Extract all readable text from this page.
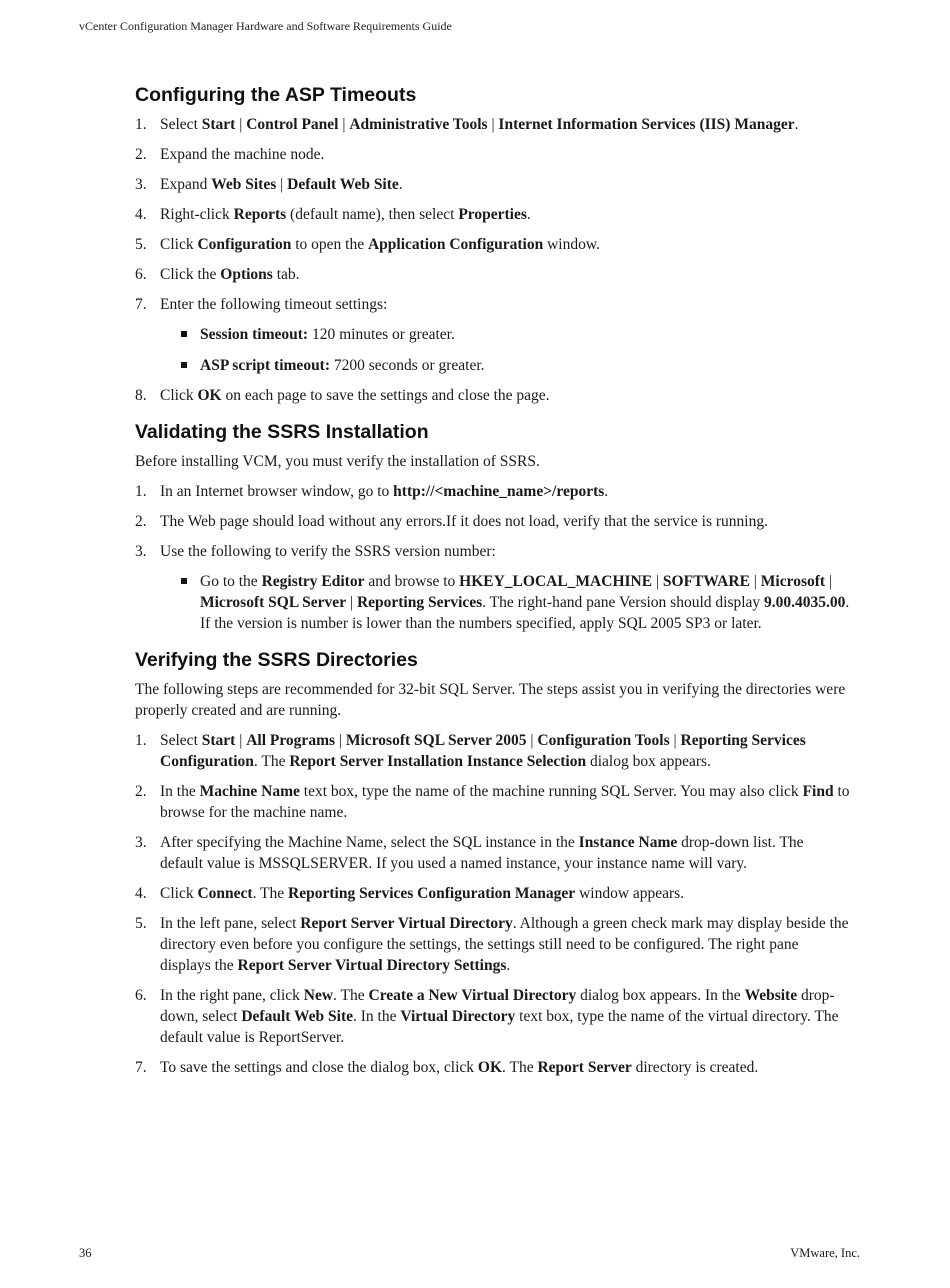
vCenter Configuration Manager Hardware and Software Requirements Guide
Configuring the ASP Timeouts
1. Select Start | Control Panel | Administrative Tools | Internet Information Services (IIS) Manager.
2. Expand the machine node.
3. Expand Web Sites | Default Web Site.
4. Right-click Reports (default name), then select Properties.
5. Click Configuration to open the Application Configuration window.
6. Click the Options tab.
7. Enter the following timeout settings:
Session timeout: 120 minutes or greater.
ASP script timeout: 7200 seconds or greater.
8. Click OK on each page to save the settings and close the page.
Validating the SSRS Installation

Before installing VCM, you must verify the installation of SSRS.

1. In an Internet browser window, go to http://<machine_name>/reports.
2. The Web page should load without any errors.If it does not load, verify that the service is running.
3. Use the following to verify the SSRS version number:
Go to the Registry Editor and browse to HKEY_LOCAL_MACHINE | SOFTWARE | Microsoft | Microsoft SQL Server | Reporting Services. The right-hand pane Version should display 9.00.4035.00. If the version is number is lower than the numbers specified, apply SQL 2005 SP3 or later.
Verifying the SSRS Directories

The following steps are recommended for 32-bit SQL Server. The steps assist you in verifying the directories were properly created and are running.

1. Select Start | All Programs | Microsoft SQL Server 2005 | Configuration Tools | Reporting Services Configuration. The Report Server Installation Instance Selection dialog box appears.
2. In the Machine Name text box, type the name of the machine running SQL Server. You may also click Find to browse for the machine name.
3. After specifying the Machine Name, select the SQL instance in the Instance Name drop-down list. The default value is MSSQLSERVER. If you used a named instance, your instance name will vary.
4. Click Connect. The Reporting Services Configuration Manager window appears.
5. In the left pane, select Report Server Virtual Directory. Although a green check mark may display beside the directory even before you configure the settings, the settings still need to be configured. The right pane displays the Report Server Virtual Directory Settings.
6. In the right pane, click New. The Create a New Virtual Directory dialog box appears. In the Website drop-down, select Default Web Site. In the Virtual Directory text box, type the name of the virtual directory. The default value is ReportServer.
7. To save the settings and close the dialog box, click OK. The Report Server directory is created.
36	VMware, Inc.
